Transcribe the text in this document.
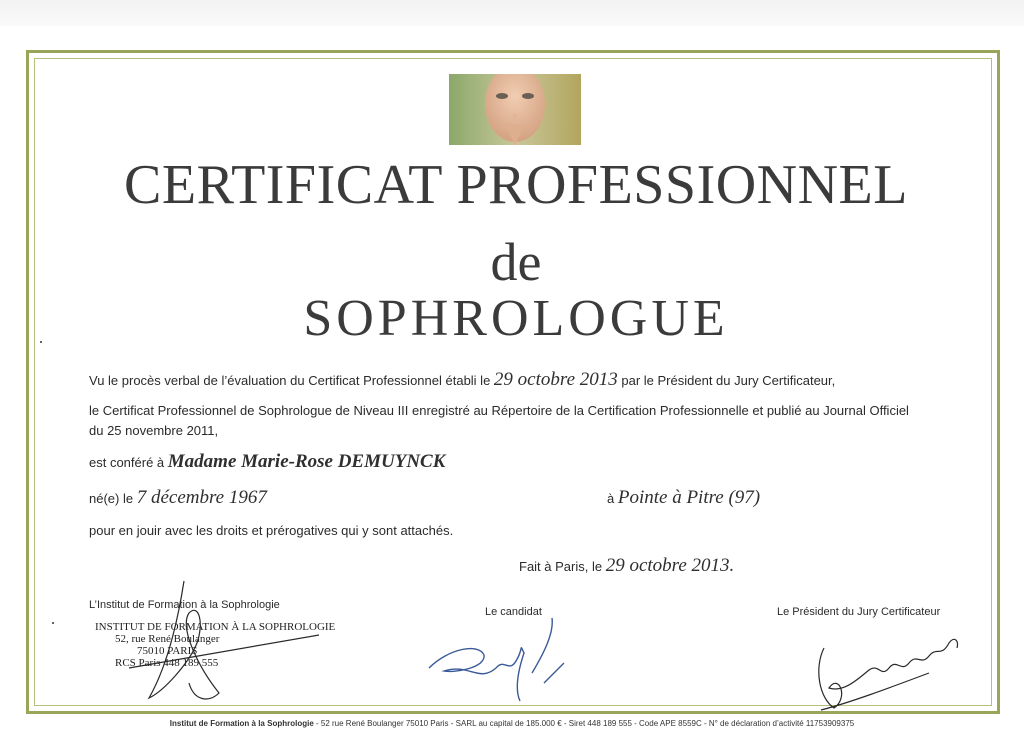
CERTIFICAT PROFESSIONNEL
de
SOPHROLOGUE
Vu le procès verbal de l’évaluation du Certificat Professionnel établi le 29 octobre 2013 par le Président du Jury Certificateur,
le Certificat Professionnel de Sophrologue de Niveau III enregistré au Répertoire de la Certification Professionnelle et publié au Journal Officiel
du 25 novembre 2011,
est conféré à Madame Marie-Rose DEMUYNCK
né(e) le 7 décembre 1967	à Pointe à Pitre (97)
pour en jouir avec les droits et prérogatives qui y sont attachés.
Fait à Paris, le 29 octobre 2013.
L’Institut de Formation à la Sophrologie
Le candidat	Le Président du Jury Certificateur
INSTITUT DE FORMATION À LA SOPHROLOGIE
52, rue René Boulanger
75010 PARIS
RCS Paris 448 189 555
Institut de Formation à la Sophrologie - 52 rue René Boulanger 75010 Paris - SARL au capital de 185.000 € - Siret 448 189 555 - Code APE 8559C - N° de déclaration d’activité 11753909375
